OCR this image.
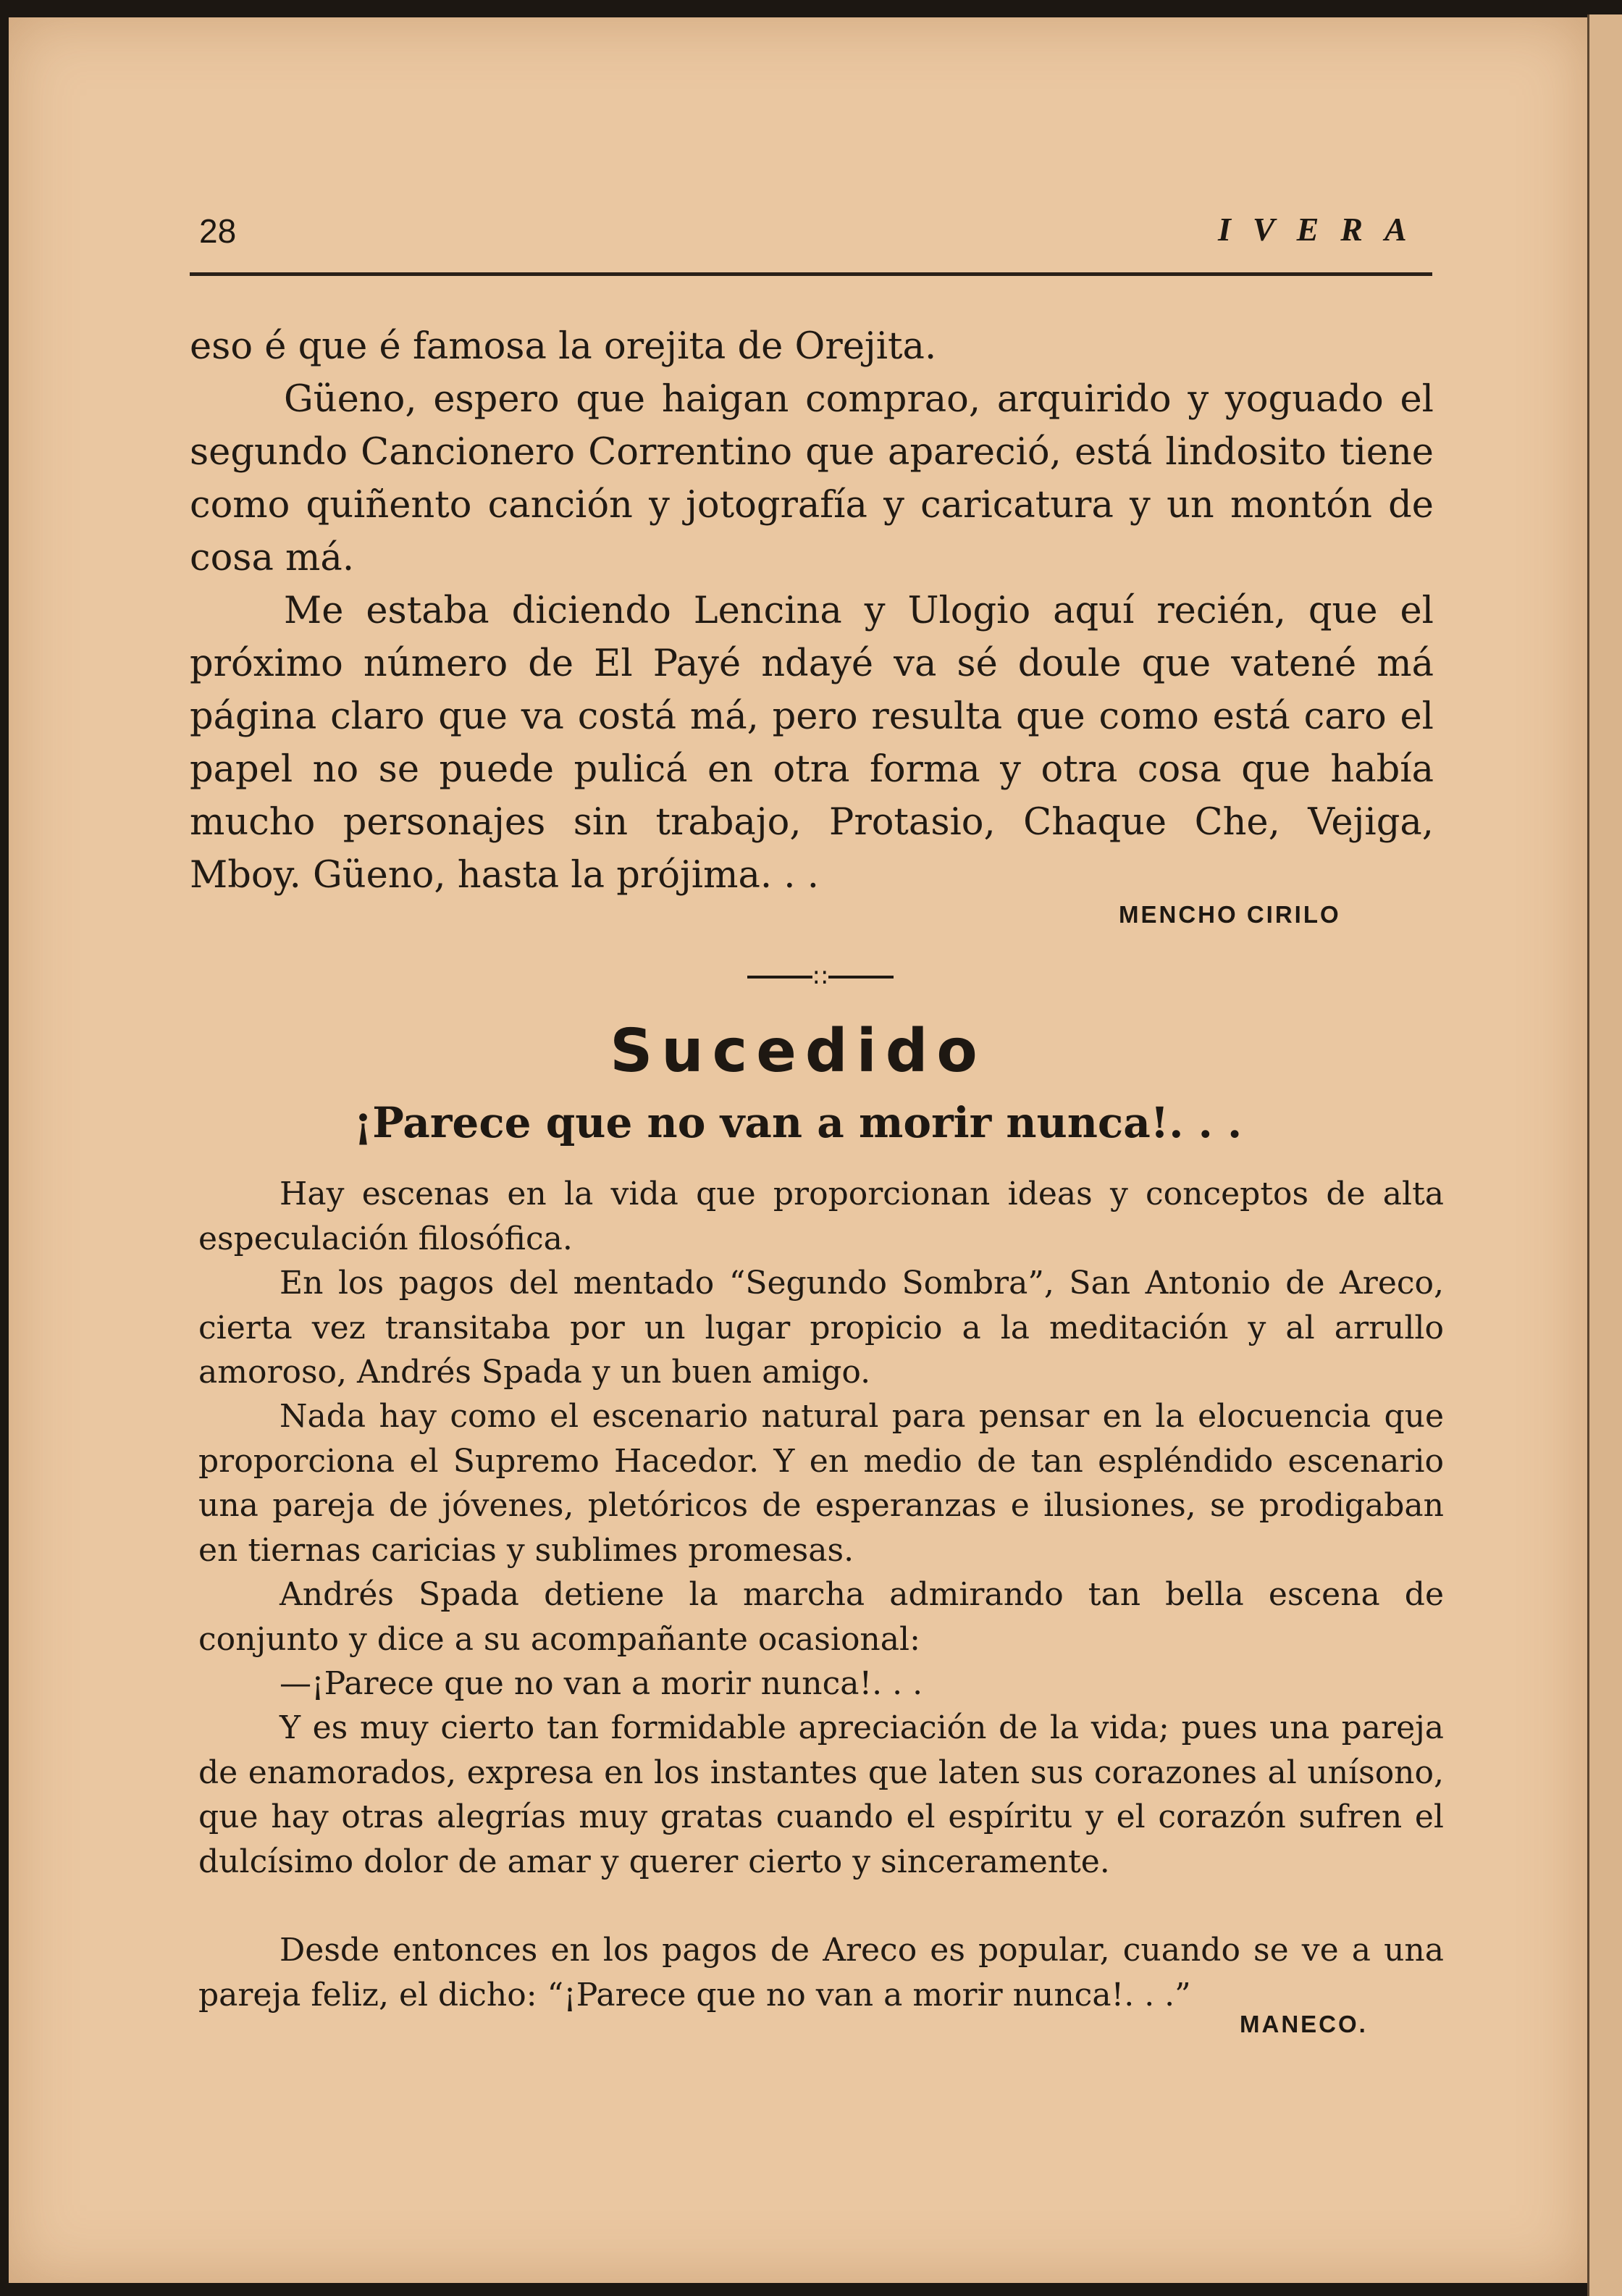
28	IVERA

eso é que é famosa la orejita de Orejita.

Güeno, espero que haigan comprao, arquirido y yoguado el segundo Cancionero Correntino que apareció, está lindosito tiene como quiñento canción y jotografía y caricatura y un montón de cosa má.

Me estaba diciendo Lencina y Ulogio aquí recién, que el próximo número de El Payé ndayé va sé doule que vatené má página claro que va costá má, pero resulta que como está caro el papel no se puede pulicá en otra forma y otra cosa que había mucho personajes sin trabajo, Protasio, Chaque Che, Vejiga, Mboy. Güeno, hasta la prójima. . .

MENCHO CIRILO
::
Sucedido
¡Parece que no van a morir nunca!. . .

Hay escenas en la vida que proporcionan ideas y conceptos de alta especulación filosófica.

En los pagos del mentado “Segundo Sombra”, San Antonio de Areco, cierta vez transitaba por un lugar propicio a la meditación y al arrullo amoroso, Andrés Spada y un buen amigo.

Nada hay como el escenario natural para pensar en la elocuencia que proporciona el Supremo Hacedor. Y en medio de tan espléndido escenario una pareja de jóvenes, pletóricos de esperanzas e ilusiones, se prodigaban en tiernas caricias y sublimes promesas.

Andrés Spada detiene la marcha admirando tan bella escena de conjunto y dice a su acompañante ocasional:

—¡Parece que no van a morir nunca!. . .

Y es muy cierto tan formidable apreciación de la vida; pues una pareja de enamorados, expresa en los instantes que laten sus corazones al unísono, que hay otras alegrías muy gratas cuando el espíritu y el corazón sufren el dulcísimo dolor de amar y querer cierto y sinceramente.

Desde entonces en los pagos de Areco es popular, cuando se ve a una pareja feliz, el dicho: “¡Parece que no van a morir nunca!. . .”

MANECO.
